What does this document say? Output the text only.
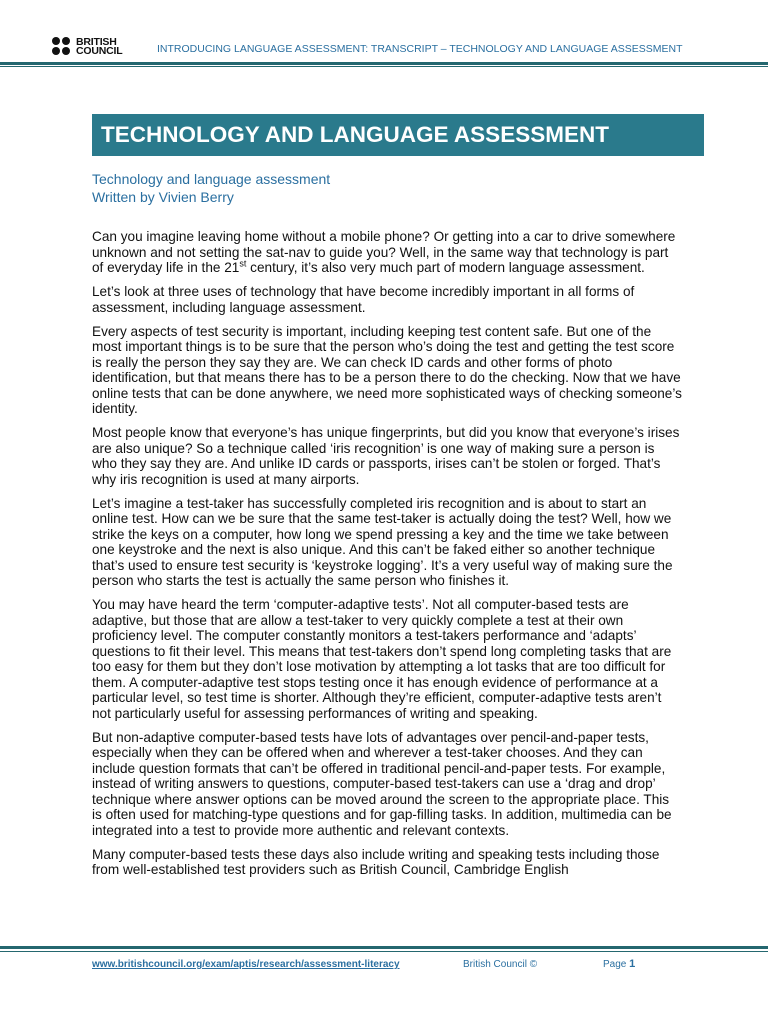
BRITISH
COUNCIL	INTRODUCING LANGUAGE ASSESSMENT: TRANSCRIPT – TECHNOLOGY AND LANGUAGE ASSESSMENT
TECHNOLOGY AND LANGUAGE ASSESSMENT
Technology and language assessment
Written by Vivien Berry

Can you imagine leaving home without a mobile phone? Or getting into a car to drive somewhere unknown and not setting the sat-nav to guide you? Well, in the same way that technology is part of everyday life in the 21st century, it’s also very much part of modern language assessment.

Let’s look at three uses of technology that have become incredibly important in all forms of assessment, including language assessment.

Every aspects of test security is important, including keeping test content safe. But one of the most important things is to be sure that the person who’s doing the test and getting the test score is really the person they say they are. We can check ID cards and other forms of photo identification, but that means there has to be a person there to do the checking. Now that we have online tests that can be done anywhere, we need more sophisticated ways of checking someone’s identity.

Most people know that everyone’s has unique fingerprints, but did you know that everyone’s irises are also unique? So a technique called ‘iris recognition’ is one way of making sure a person is who they say they are. And unlike ID cards or passports, irises can’t be stolen or forged. That’s why iris recognition is used at many airports.

Let’s imagine a test-taker has successfully completed iris recognition and is about to start an online test. How can we be sure that the same test-taker is actually doing the test? Well, how we strike the keys on a computer, how long we spend pressing a key and the time we take between one keystroke and the next is also unique. And this can’t be faked either so another technique that’s used to ensure test security is ‘keystroke logging’. It’s a very useful way of making sure the person who starts the test is actually the same person who finishes it.

You may have heard the term ‘computer-adaptive tests’. Not all computer-based tests are adaptive, but those that are allow a test-taker to very quickly complete a test at their own proficiency level. The computer constantly monitors a test-takers performance and ‘adapts’ questions to fit their level. This means that test-takers don’t spend long completing tasks that are too easy for them but they don’t lose motivation by attempting a lot tasks that are too difficult for them. A computer-adaptive test stops testing once it has enough evidence of performance at a particular level, so test time is shorter. Although they’re efficient, computer-adaptive tests aren’t not particularly useful for assessing performances of writing and speaking.

But non-adaptive computer-based tests have lots of advantages over pencil-and-paper tests, especially when they can be offered when and wherever a test-taker chooses. And they can include question formats that can’t be offered in traditional pencil-and-paper tests. For example, instead of writing answers to questions, computer-based test-takers can use a ‘drag and drop’ technique where answer options can be moved around the screen to the appropriate place. This is often used for matching-type questions and for gap-filling tasks. In addition, multimedia can be integrated into a test to provide more authentic and relevant contexts.

Many computer-based tests these days also include writing and speaking tests including those from well-established test providers such as British Council, Cambridge English

www.britishcouncil.org/exam/aptis/research/assessment-literacy	British Council ©	Page 1
